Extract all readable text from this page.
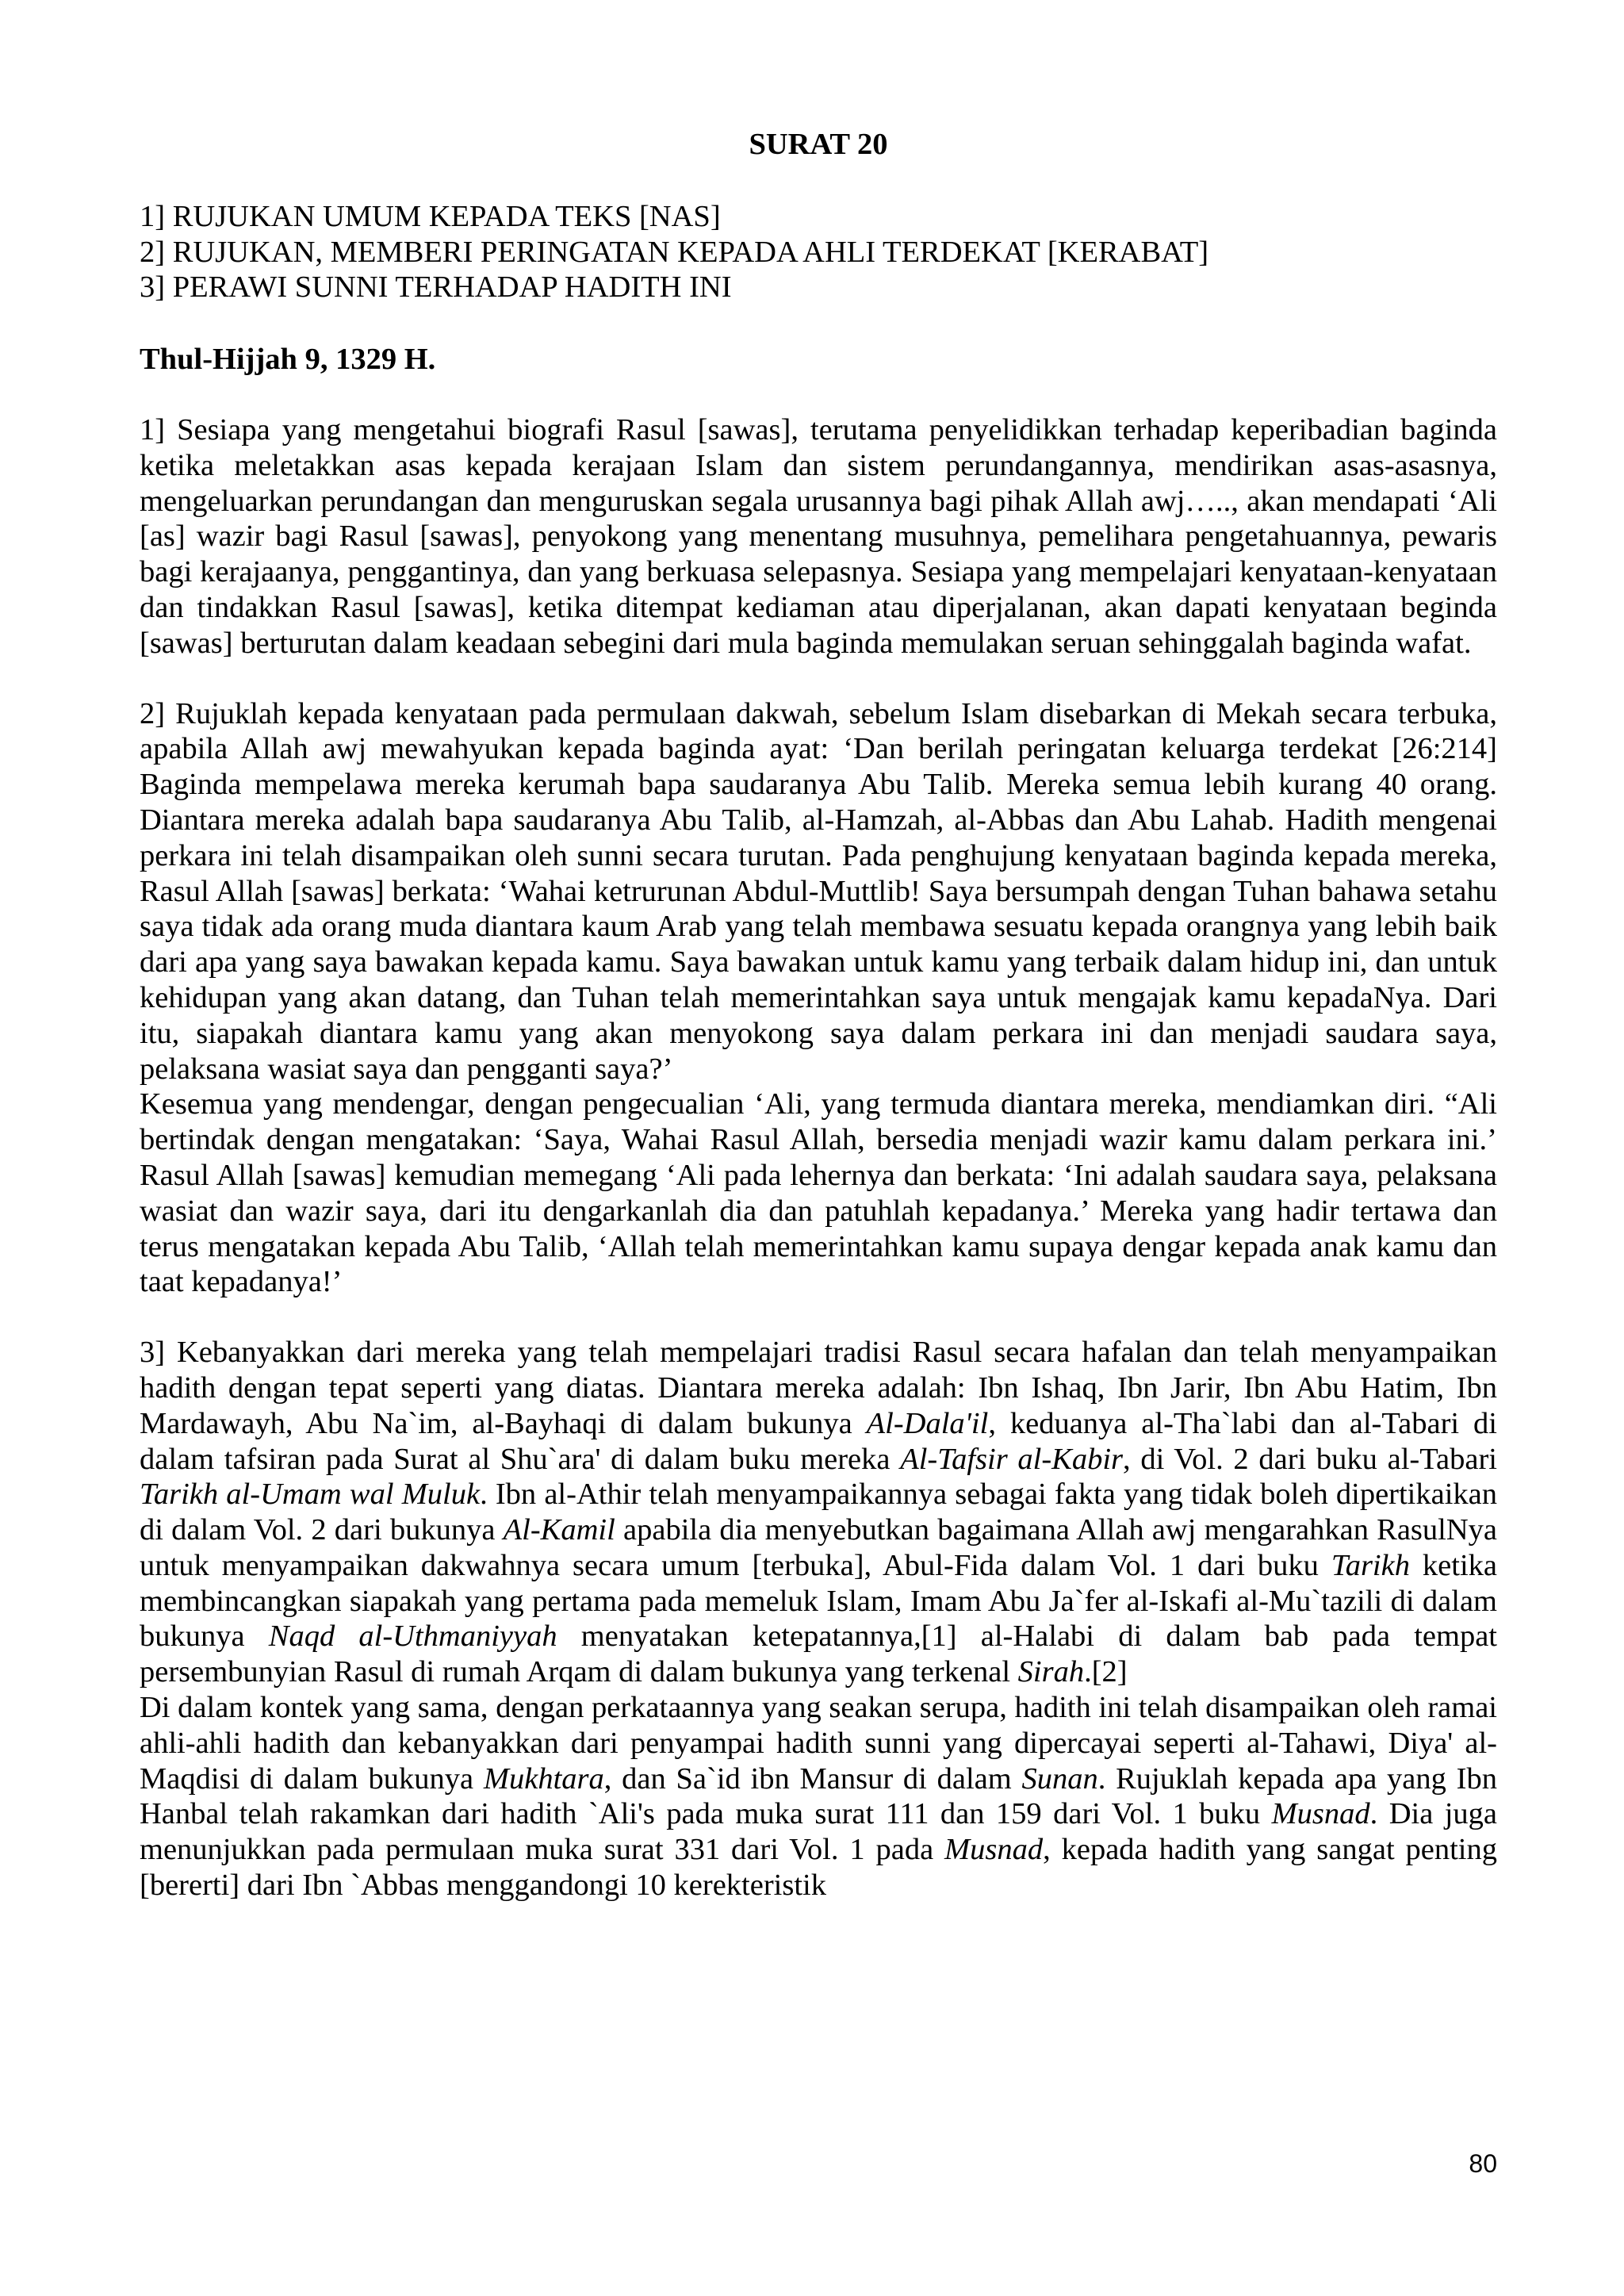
SURAT 20

1] RUJUKAN UMUM KEPADA TEKS [NAS]

2] RUJUKAN, MEMBERI PERINGATAN KEPADA AHLI TERDEKAT [KERABAT]

3] PERAWI SUNNI TERHADAP HADITH INI

Thul-Hijjah 9, 1329 H.

1] Sesiapa yang mengetahui biografi Rasul [sawas], terutama penyelidikkan terhadap keperibadian baginda ketika meletakkan asas kepada kerajaan Islam dan sistem perundangannya, mendirikan asas-asasnya, mengeluarkan perundangan dan menguruskan segala urusannya bagi pihak Allah awj….., akan mendapati ‘Ali [as] wazir bagi Rasul [sawas], penyokong yang menentang musuhnya, pemelihara pengetahuannya, pewaris bagi kerajaanya, penggantinya, dan yang berkuasa selepasnya. Sesiapa yang mempelajari kenyataan-kenyataan dan tindakkan Rasul [sawas], ketika ditempat kediaman atau diperjalanan, akan dapati kenyataan beginda [sawas] berturutan dalam keadaan sebegini dari mula baginda memulakan seruan sehinggalah baginda wafat.

2] Rujuklah kepada kenyataan pada permulaan dakwah, sebelum Islam disebarkan di Mekah secara terbuka, apabila Allah awj mewahyukan kepada baginda ayat: ‘Dan berilah peringatan keluarga terdekat [26:214] Baginda mempelawa mereka kerumah bapa saudaranya Abu Talib. Mereka semua lebih kurang 40 orang. Diantara mereka adalah bapa saudaranya Abu Talib, al-Hamzah, al-Abbas dan Abu Lahab. Hadith mengenai perkara ini telah disampaikan oleh sunni secara turutan. Pada penghujung kenyataan baginda kepada mereka, Rasul Allah [sawas] berkata: ‘Wahai ketrurunan Abdul-Muttlib! Saya bersumpah dengan Tuhan bahawa setahu saya tidak ada orang muda diantara kaum Arab yang telah membawa sesuatu kepada orangnya yang lebih baik dari apa yang saya bawakan kepada kamu. Saya bawakan untuk kamu yang terbaik dalam hidup ini, dan untuk kehidupan yang akan datang, dan Tuhan telah memerintahkan saya untuk mengajak kamu kepadaNya. Dari itu, siapakah diantara kamu yang akan menyokong saya dalam perkara ini dan menjadi saudara saya, pelaksana wasiat saya dan pengganti saya?’

Kesemua yang mendengar, dengan pengecualian ‘Ali, yang termuda diantara mereka, mendiamkan diri. “Ali bertindak dengan mengatakan: ‘Saya, Wahai Rasul Allah, bersedia menjadi wazir kamu dalam perkara ini.’ Rasul Allah [sawas] kemudian memegang ‘Ali pada lehernya dan berkata: ‘Ini adalah saudara saya, pelaksana wasiat dan wazir saya, dari itu dengarkanlah dia dan patuhlah kepadanya.’ Mereka yang hadir tertawa dan terus mengatakan kepada Abu Talib, ‘Allah telah memerintahkan kamu supaya dengar kepada anak kamu dan taat kepadanya!’

3] Kebanyakkan dari mereka yang telah mempelajari tradisi Rasul secara hafalan dan telah menyampaikan hadith dengan tepat seperti yang diatas. Diantara mereka adalah: Ibn Ishaq, Ibn Jarir, Ibn Abu Hatim, Ibn Mardawayh, Abu Na`im, al-Bayhaqi di dalam bukunya Al-Dala'il, keduanya al-Tha`labi dan al-Tabari di dalam tafsiran pada Surat al Shu`ara' di dalam buku mereka Al-Tafsir al-Kabir, di Vol. 2 dari buku al-Tabari Tarikh al-Umam wal Muluk. Ibn al-Athir telah menyampaikannya sebagai fakta yang tidak boleh dipertikaikan di dalam Vol. 2 dari bukunya Al-Kamil apabila dia menyebutkan bagaimana Allah awj mengarahkan RasulNya untuk menyampaikan dakwahnya secara umum [terbuka], Abul-Fida dalam Vol. 1 dari buku Tarikh ketika membincangkan siapakah yang pertama pada memeluk Islam, Imam Abu Ja`fer al-Iskafi al-Mu`tazili di dalam bukunya Naqd al-Uthmaniyyah menyatakan ketepatannya,[1] al-Halabi di dalam bab pada tempat persembunyian Rasul di rumah Arqam di dalam bukunya yang terkenal Sirah.[2]

Di dalam kontek yang sama, dengan perkataannya yang seakan serupa, hadith ini telah disampaikan oleh ramai ahli-ahli hadith dan kebanyakkan dari penyampai hadith sunni yang dipercayai seperti al-Tahawi, Diya' al-Maqdisi di dalam bukunya Mukhtara, dan Sa`id ibn Mansur di dalam Sunan. Rujuklah kepada apa yang Ibn Hanbal telah rakamkan dari hadith `Ali's pada muka surat 111 dan 159 dari Vol. 1 buku Musnad. Dia juga menunjukkan pada permulaan muka surat 331 dari Vol. 1 pada Musnad, kepada hadith yang sangat penting [bererti] dari Ibn `Abbas menggandongi 10 kerekteristik

80
